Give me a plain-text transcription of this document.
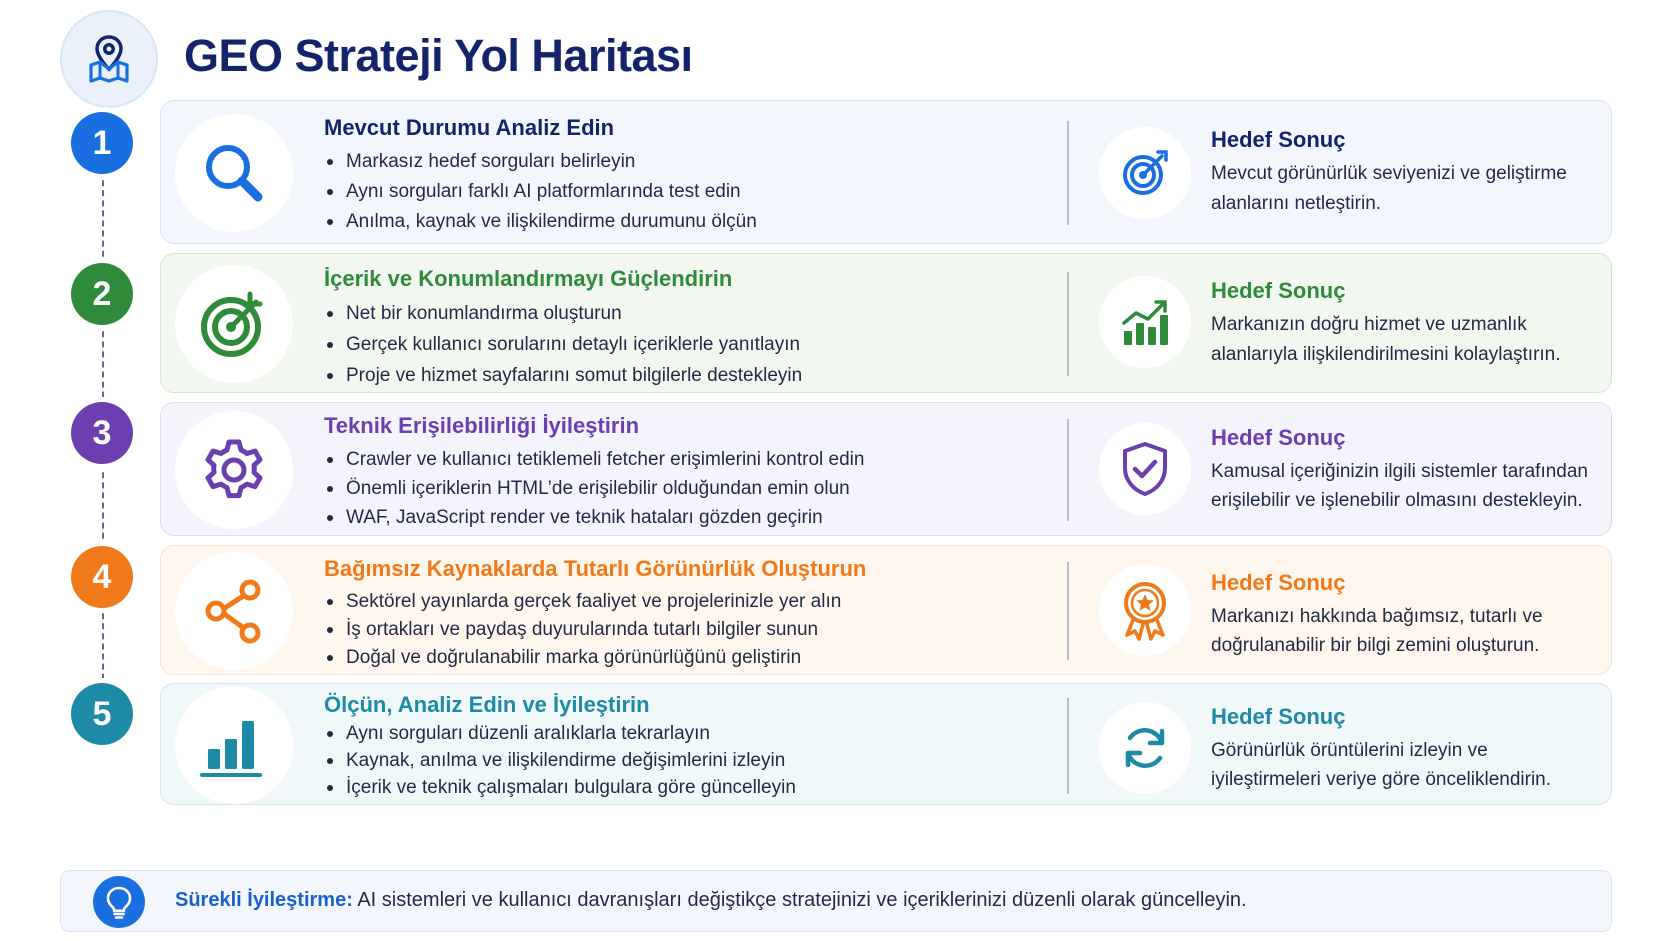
GEO Strateji Yol Haritası
1
2
3
4
5
Mevcut Durumu Analiz Edin
Markasız hedef sorguları belirleyin
Aynı sorguları farklı AI platformlarında test edin
Anılma, kaynak ve ilişkilendirme durumunu ölçün
Hedef Sonuç
Mevcut görünürlük seviyenizi ve geliştirme alanlarını netleştirin.
İçerik ve Konumlandırmayı Güçlendirin
Net bir konumlandırma oluşturun
Gerçek kullanıcı sorularını detaylı içeriklerle yanıtlayın
Proje ve hizmet sayfalarını somut bilgilerle destekleyin
Hedef Sonuç
Markanızın doğru hizmet ve uzmanlık alanlarıyla ilişkilendirilmesini kolaylaştırın.
Teknik Erişilebilirliği İyileştirin
Crawler ve kullanıcı tetiklemeli fetcher erişimlerini kontrol edin
Önemli içeriklerin HTML’de erişilebilir olduğundan emin olun
WAF, JavaScript render ve teknik hataları gözden geçirin
Hedef Sonuç
Kamusal içeriğinizin ilgili sistemler tarafından erişilebilir ve işlenebilir olmasını destekleyin.
Bağımsız Kaynaklarda Tutarlı Görünürlük Oluşturun
Sektörel yayınlarda gerçek faaliyet ve projelerinizle yer alın
İş ortakları ve paydaş duyurularında tutarlı bilgiler sunun
Doğal ve doğrulanabilir marka görünürlüğünü geliştirin
Hedef Sonuç
Markanızı hakkında bağımsız, tutarlı ve doğrulanabilir bir bilgi zemini oluşturun.
Ölçün, Analiz Edin ve İyileştirin
Aynı sorguları düzenli aralıklarla tekrarlayın
Kaynak, anılma ve ilişkilendirme değişimlerini izleyin
İçerik ve teknik çalışmaları bulgulara göre güncelleyin
Hedef Sonuç
Görünürlük örüntülerini izleyin ve iyileştirmeleri veriye göre önceliklendirin.
Sürekli İyileştirme: AI sistemleri ve kullanıcı davranışları değiştikçe stratejinizi ve içeriklerinizi düzenli olarak güncelleyin.
